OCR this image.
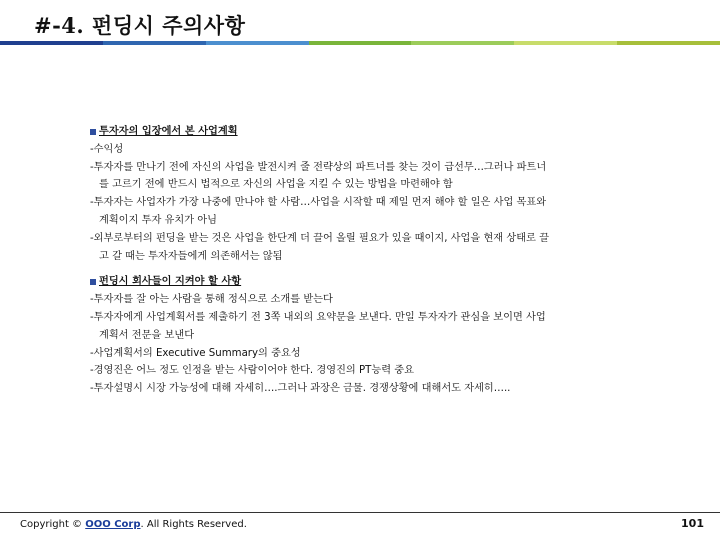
#-4. 펀딩시 주의사항
투자자의 입장에서 본 사업계획
-수익성
-투자자를 만나기 전에 자신의 사업을 발전시켜 줄 전략상의 파트너를 찾는 것이 급선무…그러나 파트너
를 고르기 전에 반드시 법적으로 자신의 사업을 지킬 수 있는 방법을 마련해야 함
-투자자는 사업자가 가장 나중에 만나야 할 사람…사업을 시작할 때 제일 먼저 해야 할 일은 사업 목표와
계획이지 투자 유치가 아님
-외부로부터의 펀딩을 받는 것은 사업을 한단계 더 끌어 올릴 필요가 있을 때이지, 사업을 현재 상태로 끌
고 갈 때는 투자자들에게 의존해서는 않됨
펀딩시 회사들이 지켜야 할 사항
-투자자를 잘 아는 사람을 통해 정식으로 소개를 받는다
-투자자에게 사업계획서를 제출하기 전 3쪽 내외의 요약문을 보낸다. 만일 투자자가 관심을 보이면 사업
계획서 전문을 보낸다
-사업계획서의 Executive Summary의 중요성
-경영진은 어느 정도 인정을 받는 사람이어야 한다. 경영진의 PT능력 중요
-투자설명시 시장 가능성에 대해 자세히….그러나 과장은 금물. 경쟁상황에 대해서도 자세히…..
Copyright © OOO Corp. All Rights Reserved.	101
